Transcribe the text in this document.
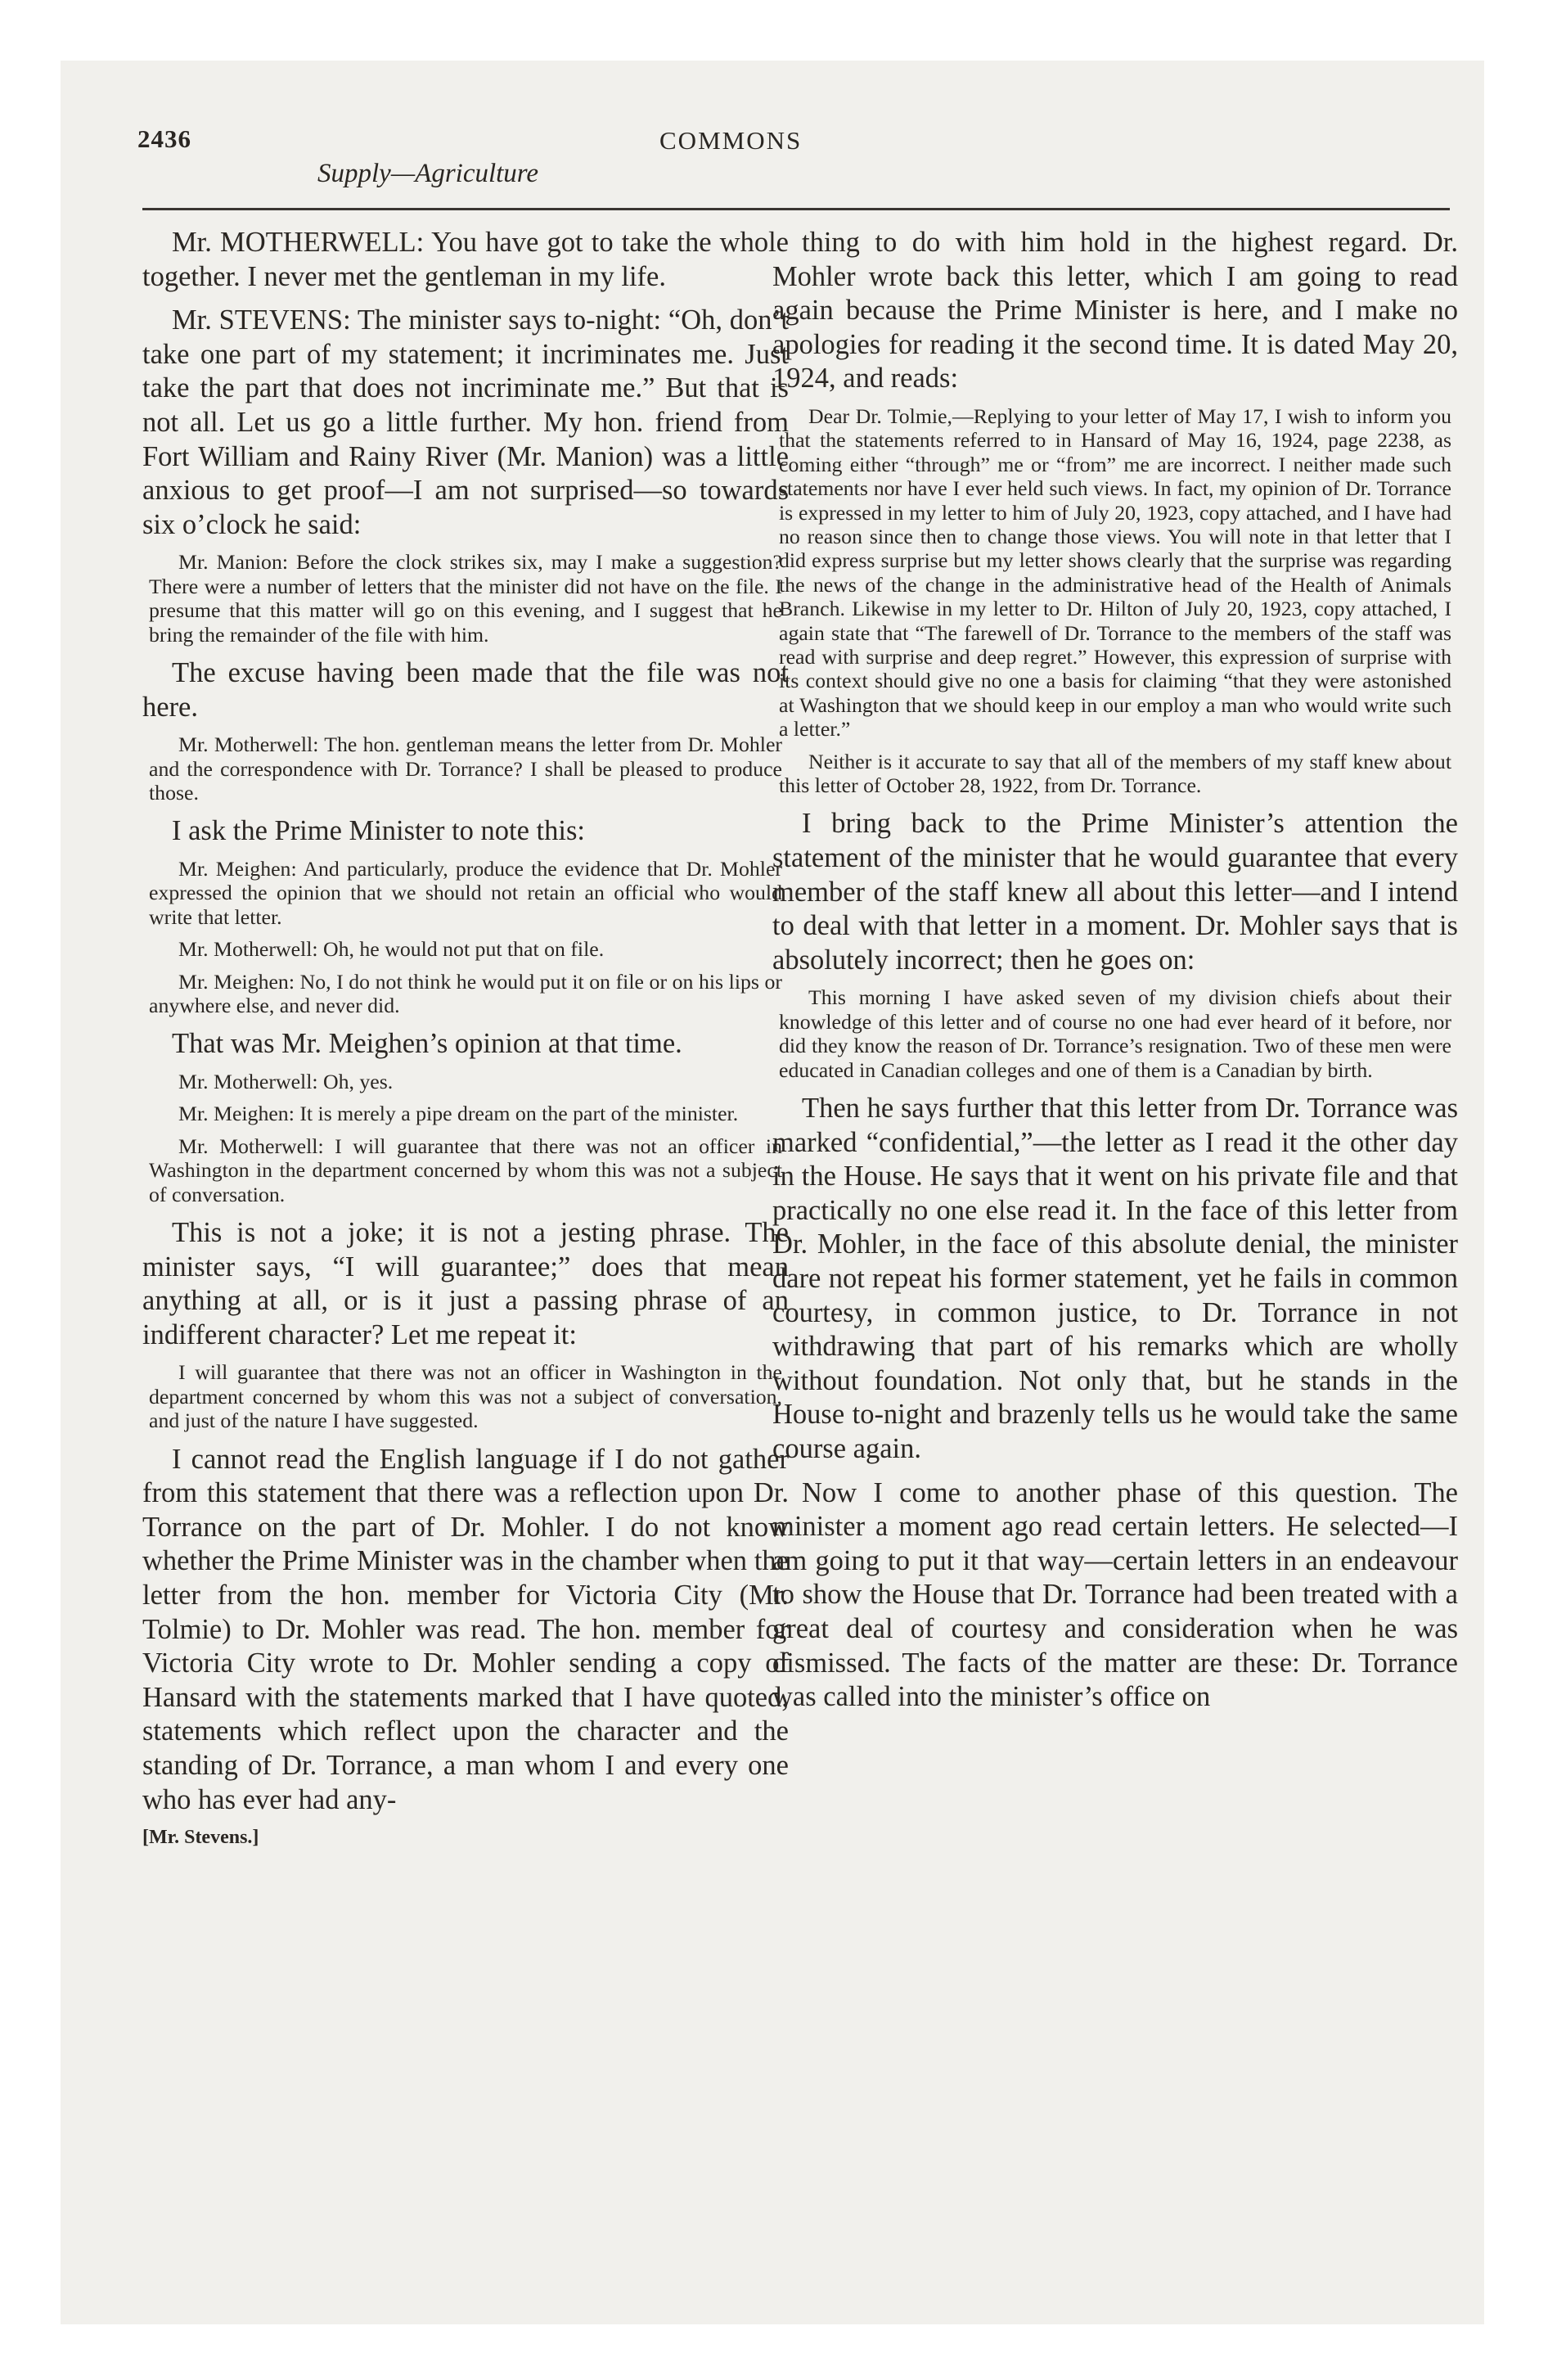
2436
Supply—Agriculture
COMMONS

Mr. MOTHERWELL: You have got to take the whole together. I never met the gentleman in my life.

Mr. STEVENS: The minister says to-night: “Oh, don’t take one part of my statement; it incriminates me. Just take the part that does not incriminate me.” But that is not all. Let us go a little further. My hon. friend from Fort William and Rainy River (Mr. Manion) was a little anxious to get proof—I am not surprised—so towards six o’clock he said:

Mr. Manion: Before the clock strikes six, may I make a suggestion? There were a number of letters that the minister did not have on the file. I presume that this matter will go on this evening, and I suggest that he bring the remainder of the file with him.

The excuse having been made that the file was not here.

Mr. Motherwell: The hon. gentleman means the letter from Dr. Mohler and the correspondence with Dr. Torrance? I shall be pleased to produce those.

I ask the Prime Minister to note this:

Mr. Meighen: And particularly, produce the evidence that Dr. Mohler expressed the opinion that we should not retain an official who would write that letter.

Mr. Motherwell: Oh, he would not put that on file.

Mr. Meighen: No, I do not think he would put it on file or on his lips or anywhere else, and never did.

That was Mr. Meighen’s opinion at that time.

Mr. Motherwell: Oh, yes.

Mr. Meighen: It is merely a pipe dream on the part of the minister.

Mr. Motherwell: I will guarantee that there was not an officer in Washington in the department concerned by whom this was not a subject of conversation.

This is not a joke; it is not a jesting phrase. The minister says, “I will guarantee;” does that mean anything at all, or is it just a passing phrase of an indifferent character? Let me repeat it:

I will guarantee that there was not an officer in Washington in the department concerned by whom this was not a subject of conversation, and just of the nature I have suggested.

I cannot read the English language if I do not gather from this statement that there was a reflection upon Dr. Torrance on the part of Dr. Mohler. I do not know whether the Prime Minister was in the chamber when the letter from the hon. member for Victoria City (Mr. Tolmie) to Dr. Mohler was read. The hon. member for Victoria City wrote to Dr. Mohler sending a copy of Hansard with the statements marked that I have quoted, statements which reflect upon the character and the standing of Dr. Torrance, a man whom I and every one who has ever had any-

[Mr. Stevens.]

thing to do with him hold in the highest regard. Dr. Mohler wrote back this letter, which I am going to read again because the Prime Minister is here, and I make no apologies for reading it the second time. It is dated May 20, 1924, and reads:

Dear Dr. Tolmie,—Replying to your letter of May 17, I wish to inform you that the statements referred to in Hansard of May 16, 1924, page 2238, as coming either “through” me or “from” me are incorrect. I neither made such statements nor have I ever held such views. In fact, my opinion of Dr. Torrance is expressed in my letter to him of July 20, 1923, copy attached, and I have had no reason since then to change those views. You will note in that letter that I did express surprise but my letter shows clearly that the surprise was regarding the news of the change in the administrative head of the Health of Animals Branch. Likewise in my letter to Dr. Hilton of July 20, 1923, copy attached, I again state that “The farewell of Dr. Torrance to the members of the staff was read with surprise and deep regret.” However, this expression of surprise with its context should give no one a basis for claiming “that they were astonished at Washington that we should keep in our employ a man who would write such a letter.”

Neither is it accurate to say that all of the members of my staff knew about this letter of October 28, 1922, from Dr. Torrance.

I bring back to the Prime Minister’s attention the statement of the minister that he would guarantee that every member of the staff knew all about this letter—and I intend to deal with that letter in a moment. Dr. Mohler says that is absolutely incorrect; then he goes on:

This morning I have asked seven of my division chiefs about their knowledge of this letter and of course no one had ever heard of it before, nor did they know the reason of Dr. Torrance’s resignation. Two of these men were educated in Canadian colleges and one of them is a Canadian by birth.

Then he says further that this letter from Dr. Torrance was marked “confidential,”—the letter as I read it the other day in the House. He says that it went on his private file and that practically no one else read it. In the face of this letter from Dr. Mohler, in the face of this absolute denial, the minister dare not repeat his former statement, yet he fails in common courtesy, in common justice, to Dr. Torrance in not withdrawing that part of his remarks which are wholly without foundation. Not only that, but he stands in the House to-night and brazenly tells us he would take the same course again.

Now I come to another phase of this question. The minister a moment ago read certain letters. He selected—I am going to put it that way—certain letters in an endeavour to show the House that Dr. Torrance had been treated with a great deal of courtesy and consideration when he was dismissed. The facts of the matter are these: Dr. Torrance was called into the minister’s office on
